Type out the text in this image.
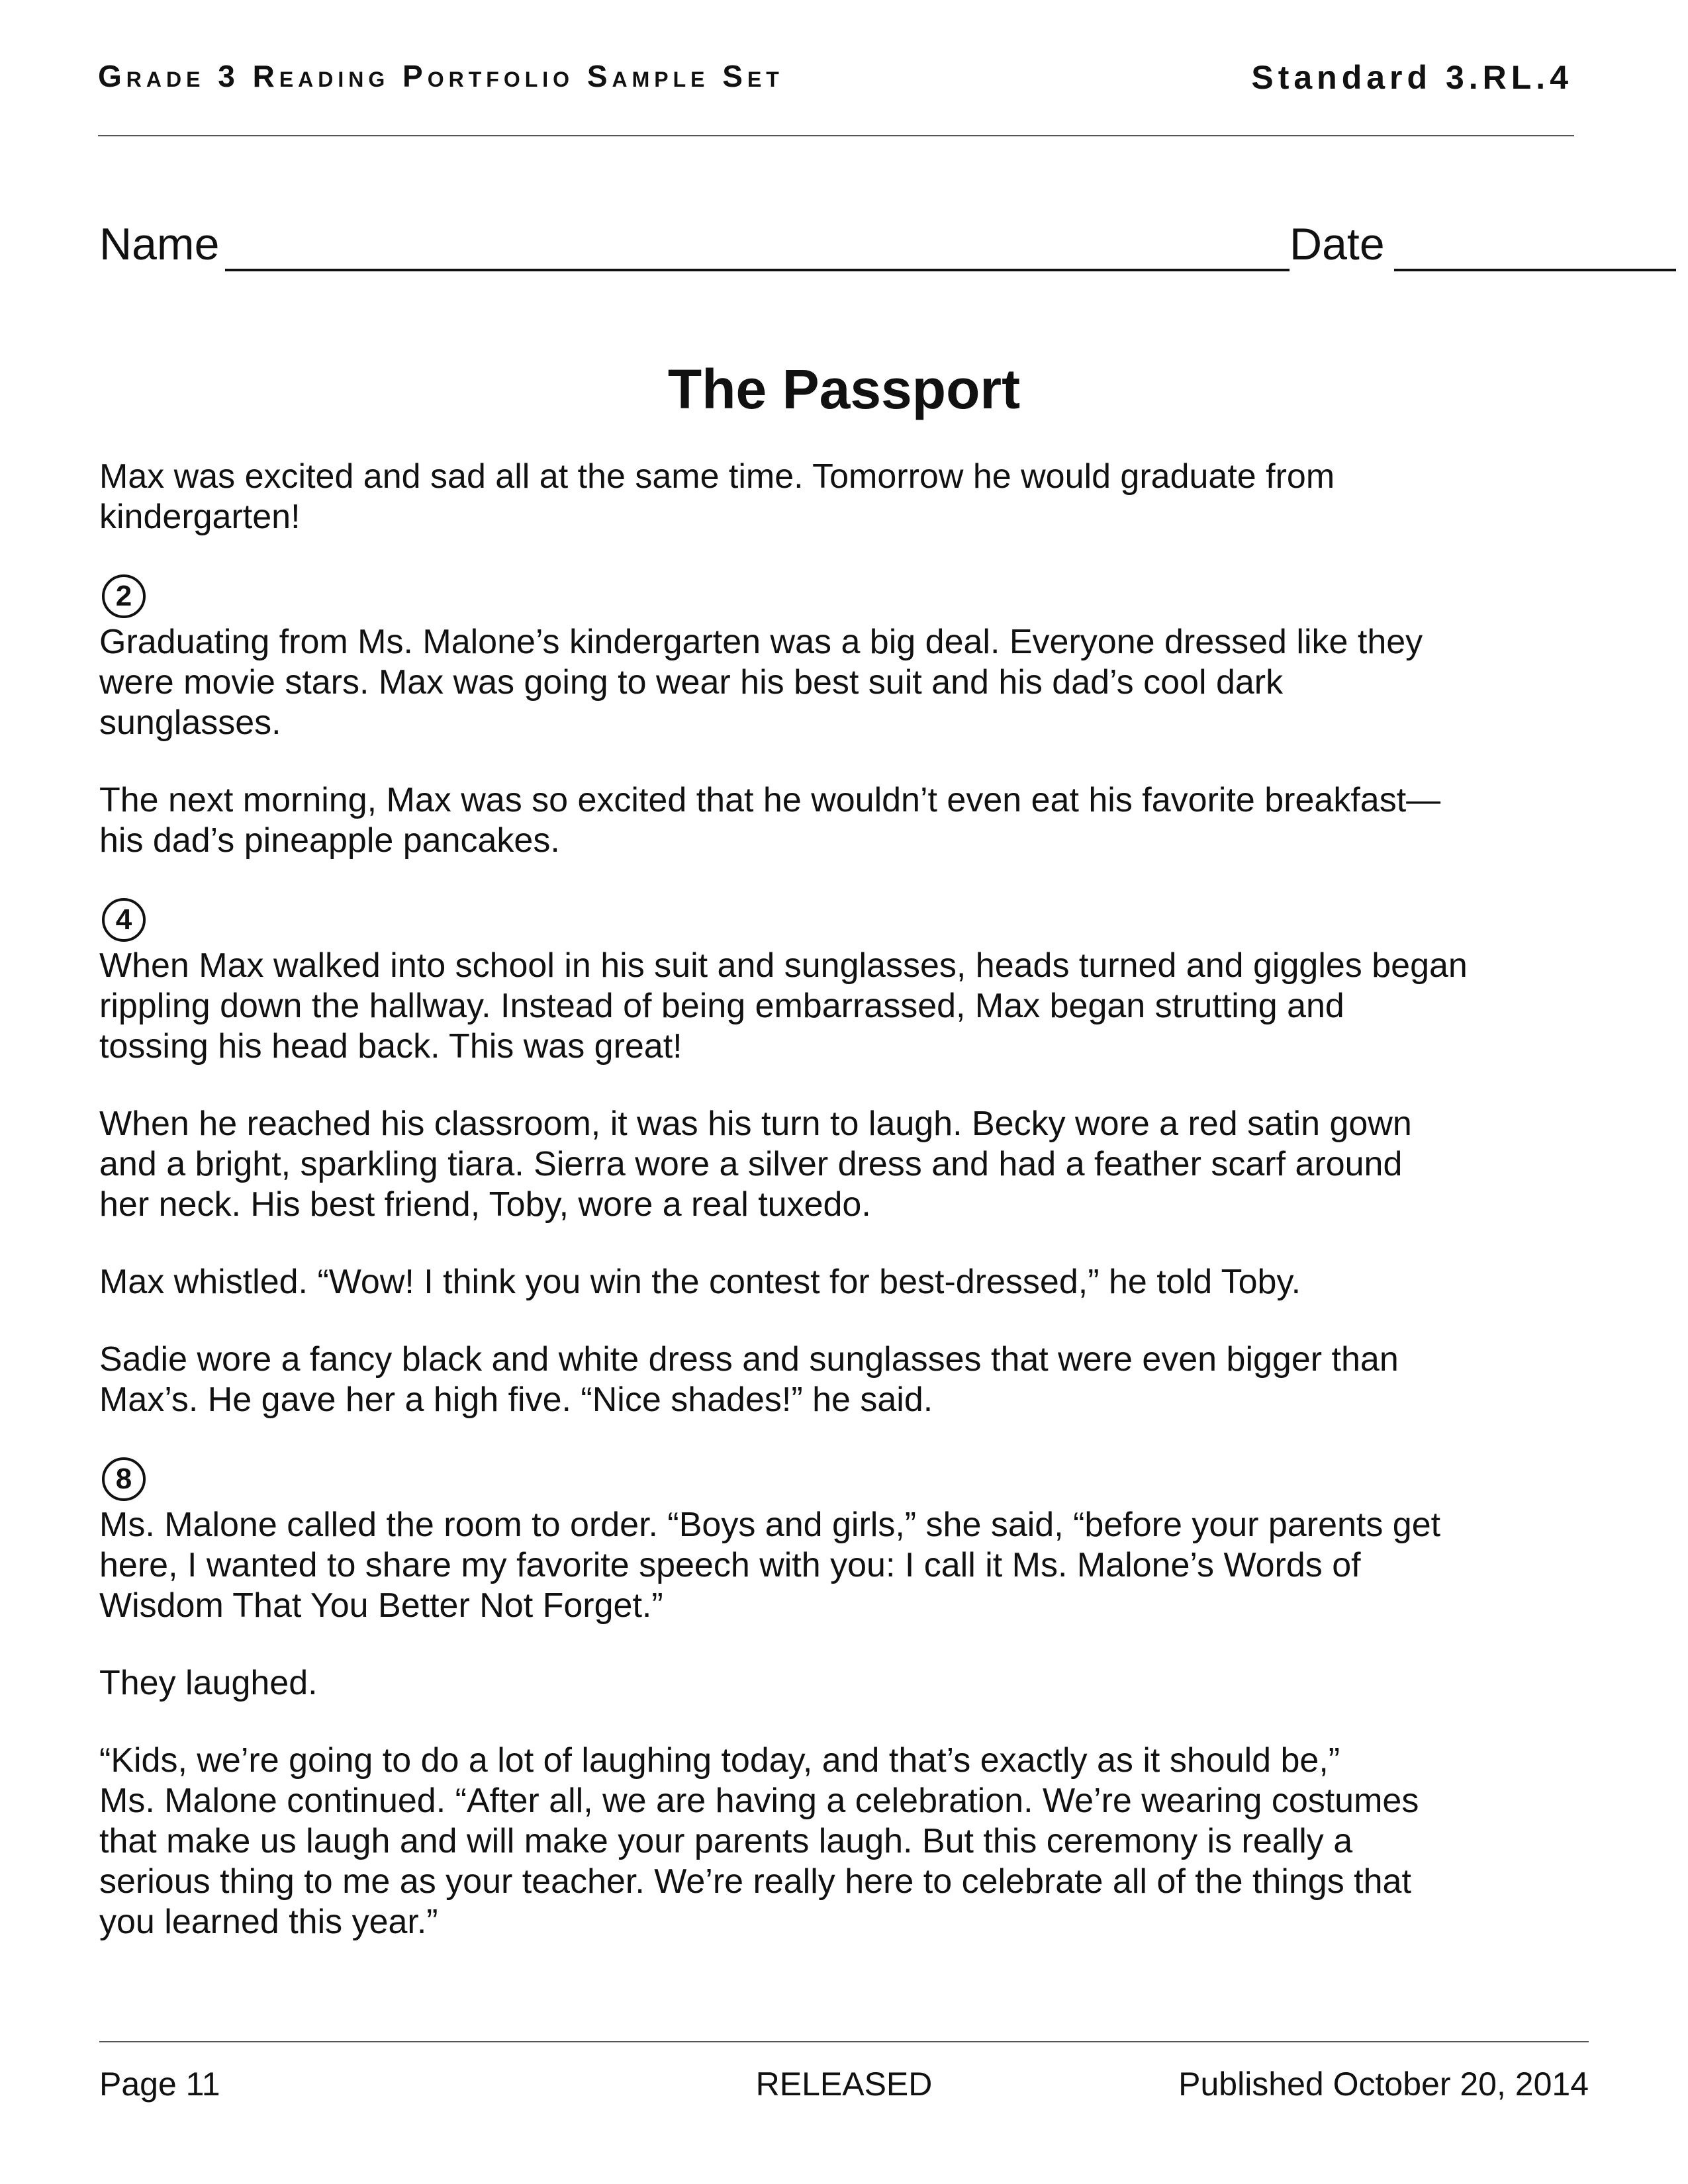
Grade 3 Reading Portfolio Sample Set	Standard 3.RL.4
Name	Date
The Passport

Max was excited and sad all at the same time. Tomorrow he would graduate from
kindergarten!

2

Graduating from Ms. Malone’s kindergarten was a big deal. Everyone dressed like they
were movie stars. Max was going to wear his best suit and his dad’s cool dark
sunglasses.

The next morning, Max was so excited that he wouldn’t even eat his favorite breakfast—
his dad’s pineapple pancakes.

4

When Max walked into school in his suit and sunglasses, heads turned and giggles began
rippling down the hallway. Instead of being embarrassed, Max began strutting and
tossing his head back. This was great!

When he reached his classroom, it was his turn to laugh. Becky wore a red satin gown
and a bright, sparkling tiara. Sierra wore a silver dress and had a feather scarf around
her neck. His best friend, Toby, wore a real tuxedo.

Max whistled. “Wow! I think you win the contest for best-dressed,” he told Toby.

Sadie wore a fancy black and white dress and sunglasses that were even bigger than
Max’s. He gave her a high five. “Nice shades!” he said.

8

Ms. Malone called the room to order. “Boys and girls,” she said, “before your parents get
here, I wanted to share my favorite speech with you: I call it Ms. Malone’s Words of
Wisdom That You Better Not Forget.”

They laughed.

“Kids, we’re going to do a lot of laughing today, and that’s exactly as it should be,”
Ms. Malone continued. “After all, we are having a celebration. We’re wearing costumes
that make us laugh and will make your parents laugh. But this ceremony is really a
serious thing to me as your teacher. We’re really here to celebrate all of the things that
you learned this year.”

Page 11	RELEASED	Published October 20, 2014
